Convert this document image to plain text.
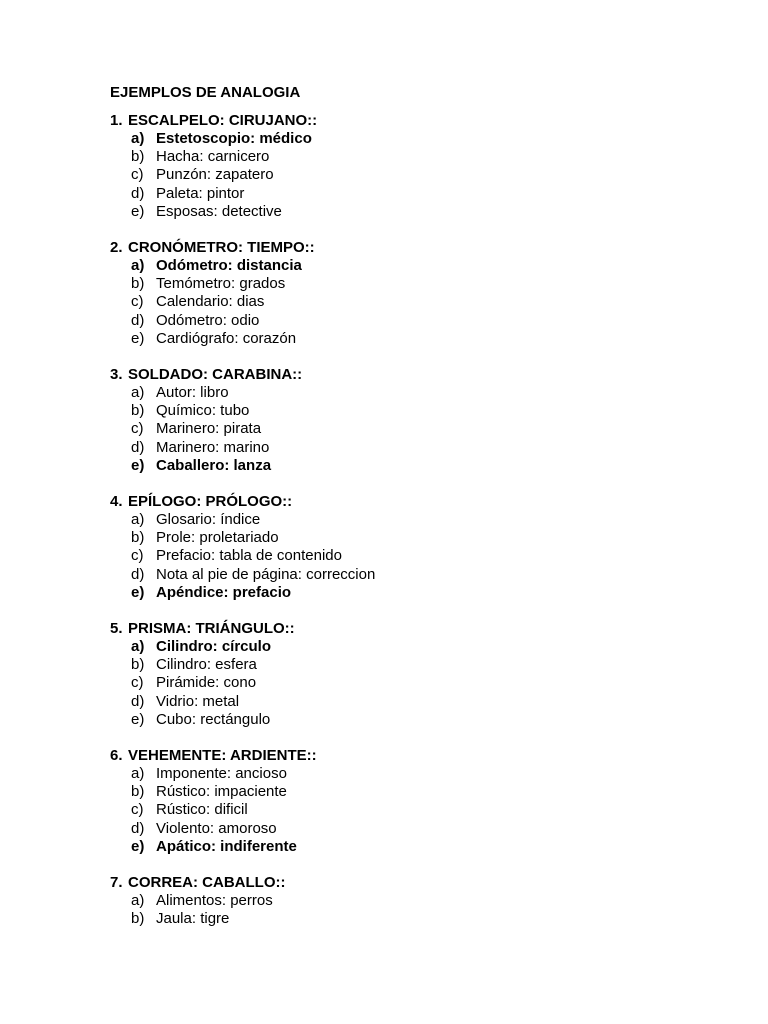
EJEMPLOS DE ANALOGIA
1. ESCALPELO: CIRUJANO::
a) Estetoscopio: médico
b) Hacha: carnicero
c) Punzón: zapatero
d) Paleta: pintor
e) Esposas: detective
2. CRONÓMETRO: TIEMPO::
a) Odómetro: distancia
b) Temómetro: grados
c) Calendario: dias
d) Odómetro: odio
e) Cardiógrafo: corazón
3. SOLDADO: CARABINA::
a) Autor: libro
b) Químico: tubo
c) Marinero: pirata
d) Marinero: marino
e) Caballero: lanza
4. EPÍLOGO: PRÓLOGO::
a) Glosario: índice
b) Prole: proletariado
c) Prefacio: tabla de contenido
d) Nota al pie de página: correccion
e) Apéndice: prefacio
5. PRISMA: TRIÁNGULO::
a) Cilindro: círculo
b) Cilindro: esfera
c) Pirámide: cono
d) Vidrio: metal
e) Cubo: rectángulo
6. VEHEMENTE: ARDIENTE::
a) Imponente: ancioso
b) Rústico: impaciente
c) Rústico: dificil
d) Violento: amoroso
e) Apático: indiferente
7. CORREA: CABALLO::
a) Alimentos: perros
b) Jaula: tigre
